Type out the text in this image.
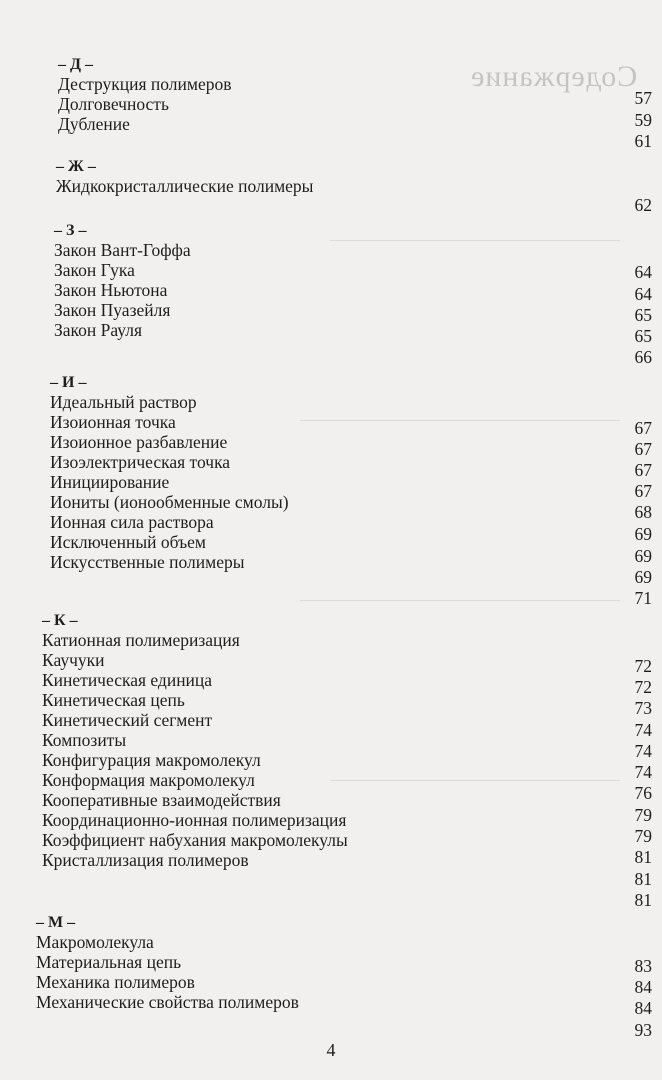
Содержание
– Д –
Деструкция полимеров
Долговечность
Дубление
57
59
61
– Ж –
Жидкокристаллические полимеры
62
– З –
Закон Вант-Гоффа
Закон Гука
Закон Ньютона
Закон Пуазейля
Закон Рауля
64
64
65
65
66
– И –
Идеальный раствор
Изоионная точка
Изоионное разбавление
Изоэлектрическая точка
Инициирование
Иониты (ионообменные смолы)
Ионная сила раствора
Исключенный объем
Искусственные полимеры
67
67
67
67
68
69
69
69
71
– К –
Катионная полимеризация
Каучуки
Кинетическая единица
Кинетическая цепь
Кинетический сегмент
Композиты
Конфигурация макромолекул
Конформация макромолекул
Кооперативные взаимодействия
Координационно-ионная полимеризация
Коэффициент набухания макромолекулы
Кристаллизация полимеров
72
72
73
74
74
74
76
79
79
81
81
81
– М –
Макромолекула
Материальная цепь
Механика полимеров
Механические свойства полимеров
83
84
84
93
4
